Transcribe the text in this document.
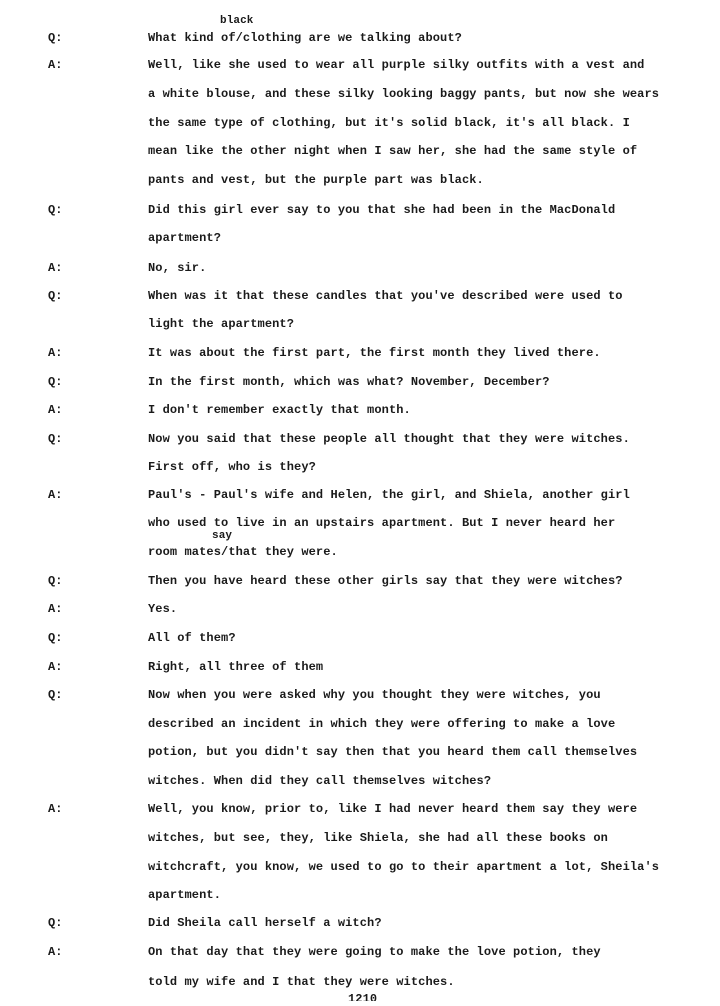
black
say
Q:
A:
Q:
A:
Q:
A:
Q:
A:
Q:
A:
Q:
A:
Q:
A:
Q:
A:
Q:
A:
What kind of/clothing are we talking about?
Well, like she used to wear all purple silky outfits with a vest and
a white blouse, and these silky looking baggy pants, but now she wears
the same type of clothing, but it's solid black, it's all black. I
mean like the other night when I saw her, she had the same style of
pants and vest, but the purple part was black.
Did this girl ever say to you that she had been in the MacDonald
apartment?
No, sir.
When was it that these candles that you've described were used to
light the apartment?
It was about the first part, the first month they lived there.
In the first month, which was what? November, December?
I don't remember exactly that month.
Now you said that these people all thought that they were witches.
First off, who is they?
Paul's - Paul's wife and Helen, the girl, and Shiela, another girl
who used to live in an upstairs apartment. But I never heard her
room mates/that they were.
Then you have heard these other girls say that they were witches?
Yes.
All of them?
Right, all three of them
Now when you were asked why you thought they were witches, you
described an incident in which they were offering to make a love
potion, but you didn't say then that you heard them call themselves
witches. When did they call themselves witches?
Well, you know, prior to, like I had never heard them say they were
witches, but see, they, like Shiela, she had all these books on
witchcraft, you know, we used to go to their apartment a lot, Sheila's
apartment.
Did Sheila call herself a witch?
On that day that they were going to make the love potion, they
told my wife and I that they were witches.
1210
